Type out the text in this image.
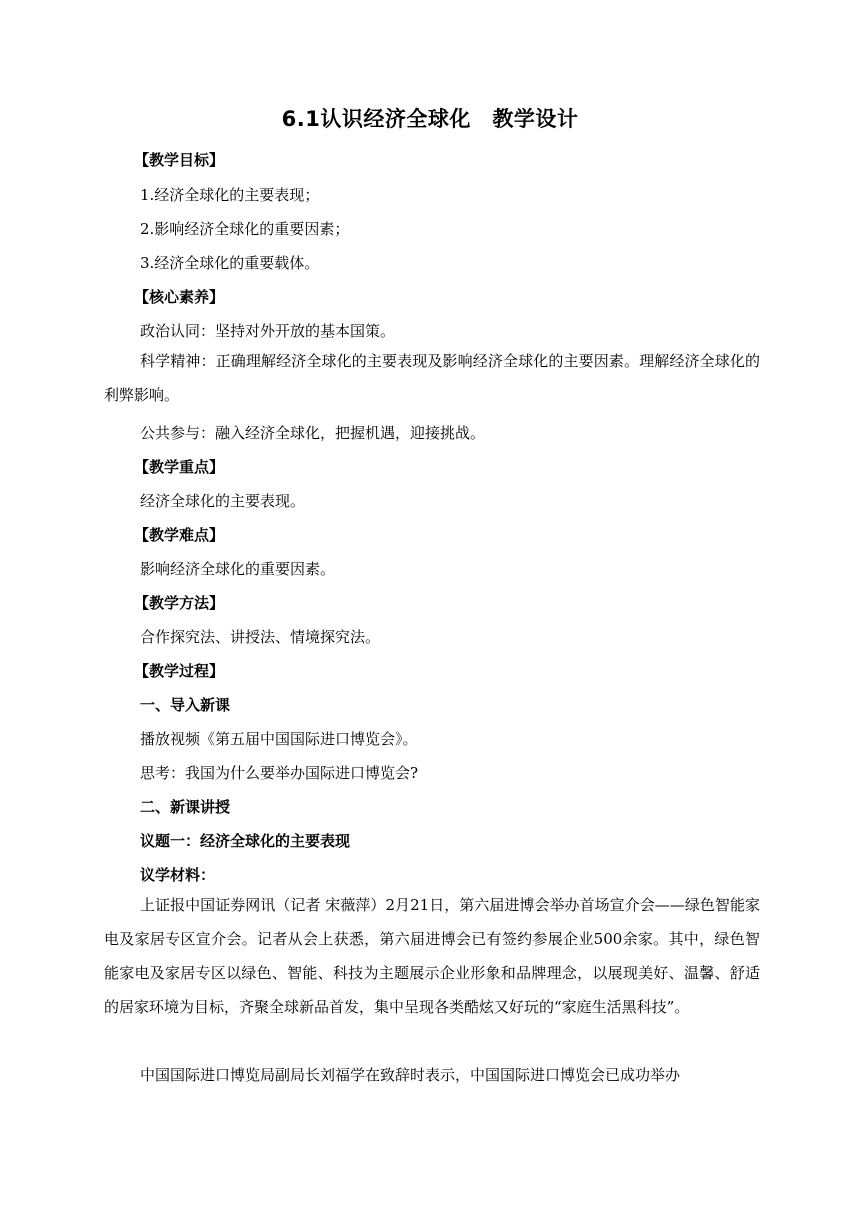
6.1认识经济全球化　教学设计
【教学目标】
1.经济全球化的主要表现；
2.影响经济全球化的重要因素；
3.经济全球化的重要载体。
【核心素养】
政治认同：坚持对外开放的基本国策。

科学精神：正确理解经济全球化的主要表现及影响经济全球化的主要因素。理解经济全球化的利弊影响。

公共参与：融入经济全球化，把握机遇，迎接挑战。
【教学重点】
经济全球化的主要表现。
【教学难点】
影响经济全球化的重要因素。
【教学方法】
合作探究法、讲授法、情境探究法。
【教学过程】
一、导入新课
播放视频《第五届中国国际进口博览会》。
思考：我国为什么要举办国际进口博览会?
二、新课讲授
议题一：经济全球化的主要表现
议学材料：

上证报中国证券网讯（记者 宋薇萍）2月21日，第六届进博会举办首场宣介会——绿色智能家电及家居专区宣介会。记者从会上获悉，第六届进博会已有签约参展企业500余家。其中，绿色智能家电及家居专区以绿色、智能、科技为主题展示企业形象和品牌理念，以展现美好、温馨、舒适的居家环境为目标，齐聚全球新品首发，集中呈现各类酷炫又好玩的“家庭生活黑科技”。

中国国际进口博览局副局长刘福学在致辞时表示，中国国际进口博览会已成功举办
